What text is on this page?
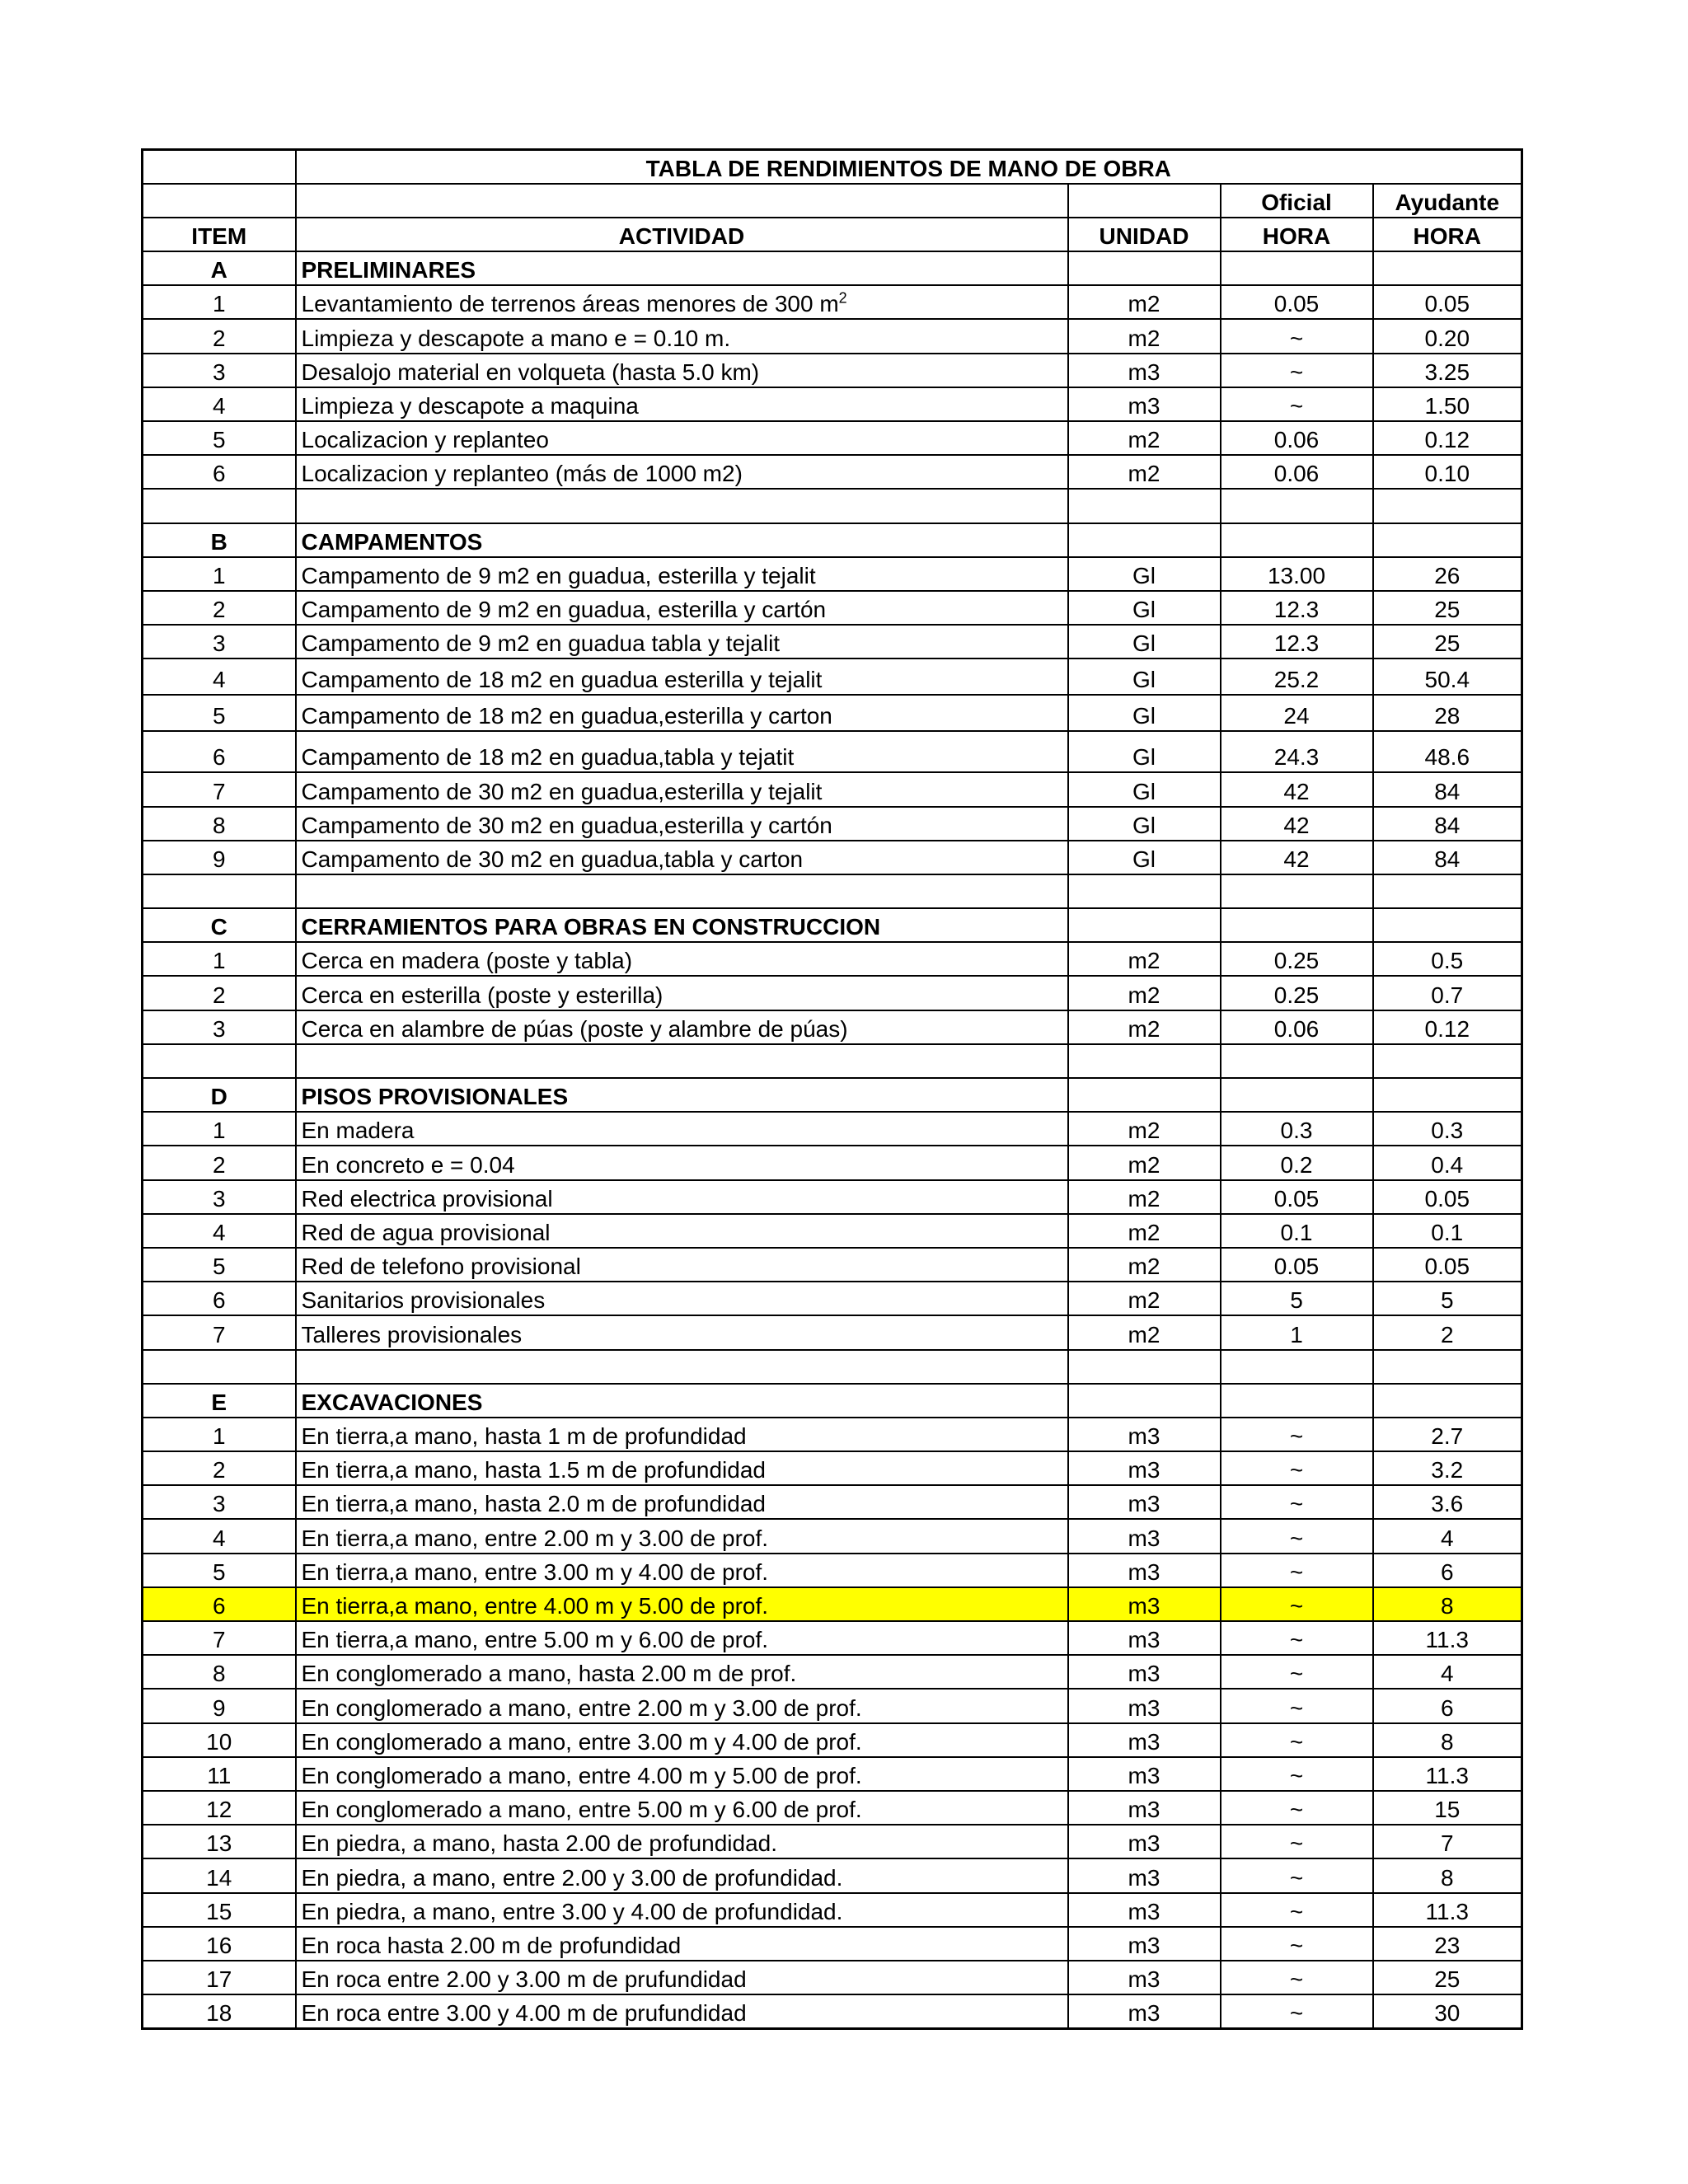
	TABLA DE RENDIMIENTOS DE MANO DE OBRA			
			Oficial	Ayudante
ITEM	ACTIVIDAD	UNIDAD	HORA	HORA
A	PRELIMINARES			
1	Levantamiento de terrenos áreas menores de 300 $m^2$	m2	0.05	0.05
2	Limpieza y descapote a mano e = 0.10 m.	m2	~	0.20
3	Desalojo material en volqueta (hasta 5.0 km)	m3	~	3.25
4	Limpieza y descapote a maquina	m3	~	1.50
5	Localizacion y replanteo	m2	0.06	0.12
6	Localizacion y replanteo (más de 1000 m2)	m2	0.06	0.10

B	CAMPAMENTOS			
1	Campamento de 9 m2 en guadua, esterilla y tejalit	Gl	13.00	26
2	Campamento de 9 m2 en guadua, esterilla y cartón	Gl	12.3	25
3	Campamento de 9 m2 en guadua tabla y tejalit	Gl	12.3	25
4	Campamento de 18 m2 en guadua esterilla y tejalit	Gl	25.2	50.4
5	Campamento de 18 m2 en guadua,esterilla y carton	Gl	24	28
6	Campamento de 18 m2 en guadua,tabla y tejatit	Gl	24.3	48.6
7	Campamento de 30 m2 en guadua,esterilla y tejalit	Gl	42	84
8	Campamento de 30 m2 en guadua,esterilla y cartón	Gl	42	84
9	Campamento de 30 m2 en guadua,tabla y carton	Gl	42	84

C	CERRAMIENTOS PARA OBRAS EN CONSTRUCCION			
1	Cerca en madera (poste y tabla)	m2	0.25	0.5
2	Cerca en esterilla (poste y esterilla)	m2	0.25	0.7
3	Cerca en alambre de púas (poste y alambre de púas)	m2	0.06	0.12

D	PISOS PROVISIONALES			
1	En madera	m2	0.3	0.3
2	En concreto e = 0.04	m2	0.2	0.4
3	Red electrica provisional	m2	0.05	0.05
4	Red de agua provisional	m2	0.1	0.1
5	Red de telefono provisional	m2	0.05	0.05
6	Sanitarios provisionales	m2	5	5
7	Talleres provisionales	m2	1	2

E	EXCAVACIONES			
1	En tierra,a mano, hasta 1 m de profundidad	m3	~	2.7
2	En tierra,a mano, hasta 1.5 m de profundidad	m3	~	3.2
3	En tierra,a mano, hasta 2.0 m de profundidad	m3	~	3.6
4	En tierra,a mano, entre 2.00 m y 3.00 de prof.	m3	~	4
5	En tierra,a mano, entre 3.00 m y 4.00 de prof.	m3	~	6
6	En tierra,a mano, entre 4.00 m y 5.00 de prof.	m3	~	8
7	En tierra,a mano, entre 5.00 m y 6.00 de prof.	m3	~	11.3
8	En conglomerado a mano, hasta 2.00 m de prof.	m3	~	4
9	En conglomerado a mano, entre 2.00 m y 3.00 de prof.	m3	~	6
10	En conglomerado a mano, entre 3.00 m y 4.00 de prof.	m3	~	8
11	En conglomerado a mano, entre 4.00 m y 5.00 de prof.	m3	~	11.3
12	En conglomerado a mano, entre 5.00 m y 6.00 de prof.	m3	~	15
13	En piedra, a mano, hasta 2.00 de profundidad.	m3	~	7
14	En piedra, a mano, entre 2.00 y 3.00 de profundidad.	m3	~	8
15	En piedra, a mano, entre 3.00 y 4.00 de profundidad.	m3	~	11.3
16	En roca hasta 2.00 m de profundidad	m3	~	23
17	En roca entre 2.00 y 3.00 m de prufundidad	m3	~	25
18	En roca entre 3.00 y 4.00 m de prufundidad	m3	~	30
